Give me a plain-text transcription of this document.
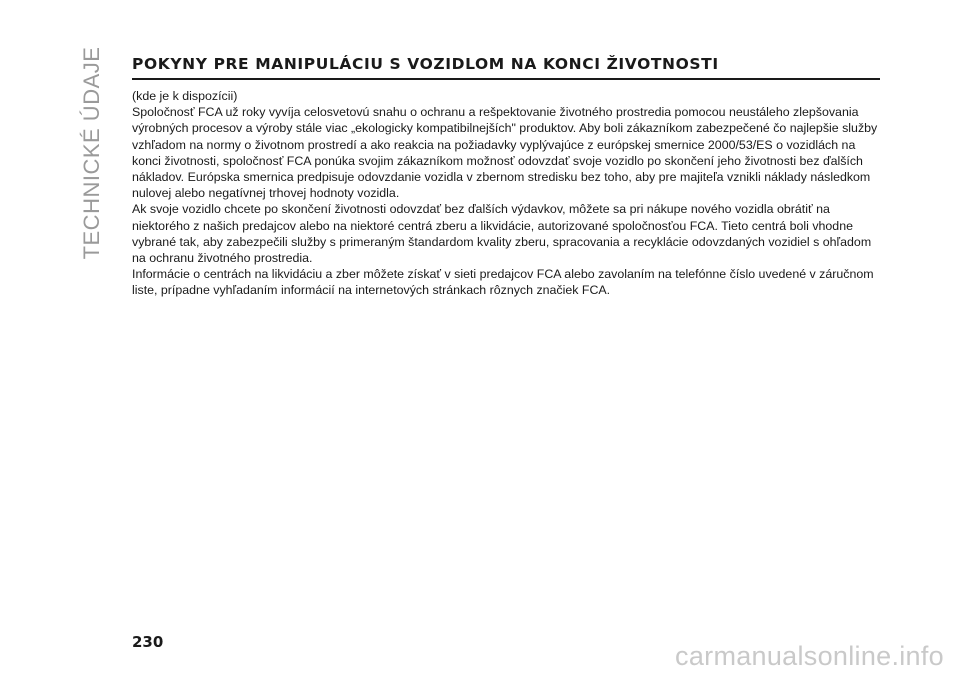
TECHNICKÉ ÚDAJE POKYNY PRE MANIPULÁCIU S VOZIDLOM NA KONCI ŽIVOTNOSTI

(kde je k dispozícii)

Spoločnosť FCA už roky vyvíja celosvetovú snahu o ochranu a rešpektovanie životného prostredia pomocou neustáleho zlepšovania výrobných procesov a výroby stále viac „ekologicky kompatibilnejších" produktov. Aby boli zákazníkom zabezpečené čo najlepšie služby vzhľadom na normy o životnom prostredí a ako reakcia na požiadavky vyplývajúce z európskej smernice 2000/53/ES o vozidlách na konci životnosti, spoločnosť FCA ponúka svojim zákazníkom možnosť odovzdať svoje vozidlo po skončení jeho životnosti bez ďalších nákladov. Európska smernica predpisuje odovzdanie vozidla v zbernom stredisku bez toho, aby pre majiteľa vznikli náklady následkom nulovej alebo negatívnej trhovej hodnoty vozidla.

Ak svoje vozidlo chcete po skončení životnosti odovzdať bez ďalších výdavkov, môžete sa pri nákupe nového vozidla obrátiť na niektorého z našich predajcov alebo na niektoré centrá zberu a likvidácie, autorizované spoločnosťou FCA. Tieto centrá boli vhodne vybrané tak, aby zabezpečili služby s primeraným štandardom kvality zberu, spracovania a recyklácie odovzdaných vozidiel s ohľadom na ochranu životného prostredia.

Informácie o centrách na likvidáciu a zber môžete získať v sieti predajcov FCA alebo zavolaním na telefónne číslo uvedené v záručnom liste, prípadne vyhľadaním informácií na internetových stránkach rôznych značiek FCA.

230	carmanualsonline.info
